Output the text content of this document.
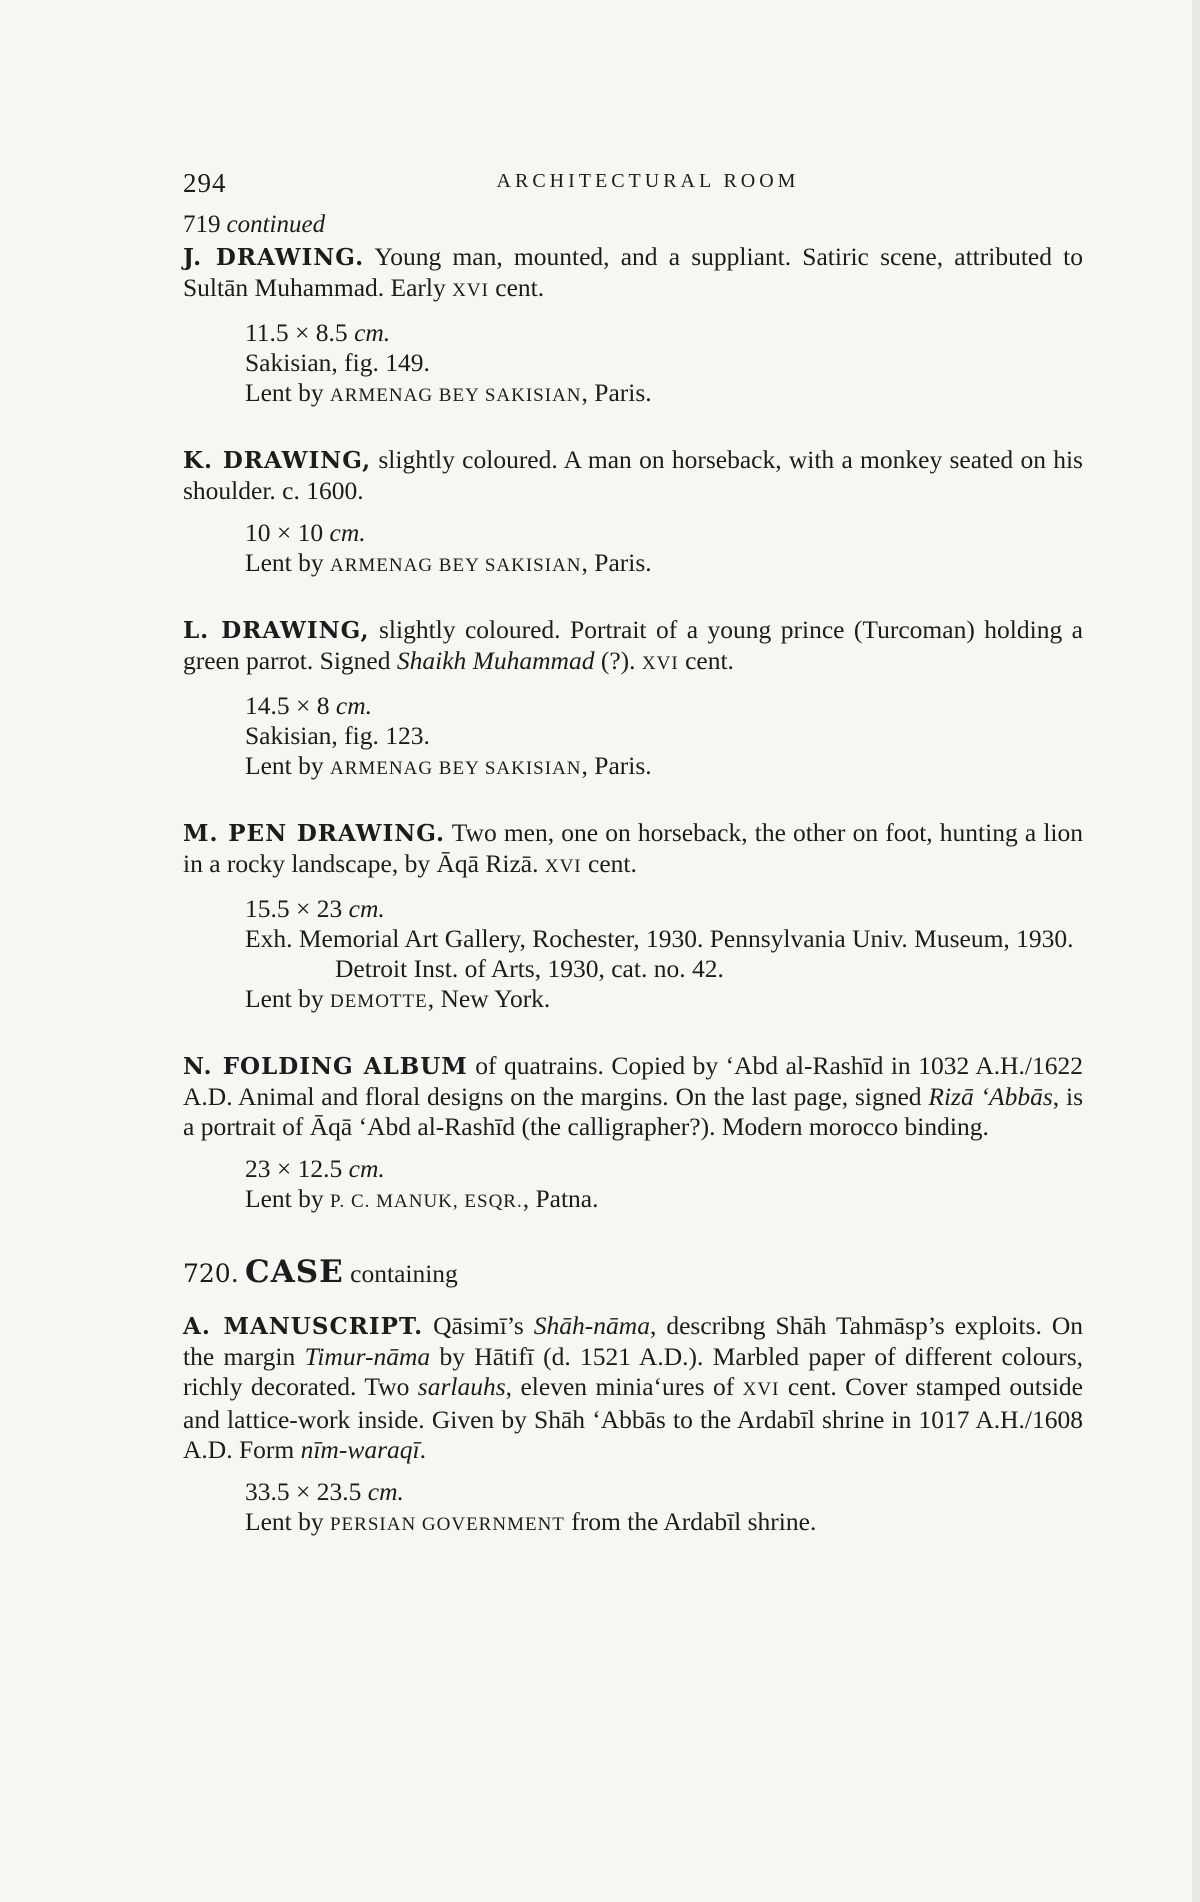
294	ARCHITECTURAL ROOM

719 continued

J. DRAWING. Young man, mounted, and a suppliant. Satiric scene, attributed to Sultān Muhammad. Early XVI cent.

11.5 × 8.5 cm.

Sakisian, fig. 149.

Lent by ARMENAG BEY SAKISIAN, Paris.

K. DRAWING, slightly coloured. A man on horseback, with a monkey seated on his shoulder. c. 1600.

10 × 10 cm.

Lent by ARMENAG BEY SAKISIAN, Paris.

L. DRAWING, slightly coloured. Portrait of a young prince (Turcoman) holding a green parrot. Signed Shaikh Muhammad (?). XVI cent.

14.5 × 8 cm.

Sakisian, fig. 123.

Lent by ARMENAG BEY SAKISIAN, Paris.

M. PEN DRAWING. Two men, one on horseback, the other on foot, hunting a lion in a rocky landscape, by Āqā Rizā. XVI cent.

15.5 × 23 cm.

Exh. Memorial Art Gallery, Rochester, 1930. Pennsylvania Univ. Museum, 1930. Detroit Inst. of Arts, 1930, cat. no. 42.

Lent by DEMOTTE, New York.

N. FOLDING ALBUM of quatrains. Copied by ‘Abd al-Rashīd in 1032 A.H./1622 A.D. Animal and floral designs on the margins. On the last page, signed Rizā ‘Abbās, is a portrait of Āqā ‘Abd al-Rashīd (the calligrapher?). Modern morocco binding.

23 × 12.5 cm.

Lent by P. C. MANUK, ESQR., Patna.

720. CASE containing

A. MANUSCRIPT. Qāsimī’s Shāh-nāma, describng Shāh Tahmāsp’s exploits. On the margin Timur-nāma by Hātifī (d. 1521 A.D.). Marbled paper of different colours, richly decorated. Two sarlauhs, eleven minia‘ures of XVI cent. Cover stamped outside and lattice-work inside. Given by Shāh ‘Abbās to the Ardabīl shrine in 1017 A.H./1608 A.D. Form nīm-waraqī.

33.5 × 23.5 cm.

Lent by PERSIAN GOVERNMENT from the Ardabīl shrine.
